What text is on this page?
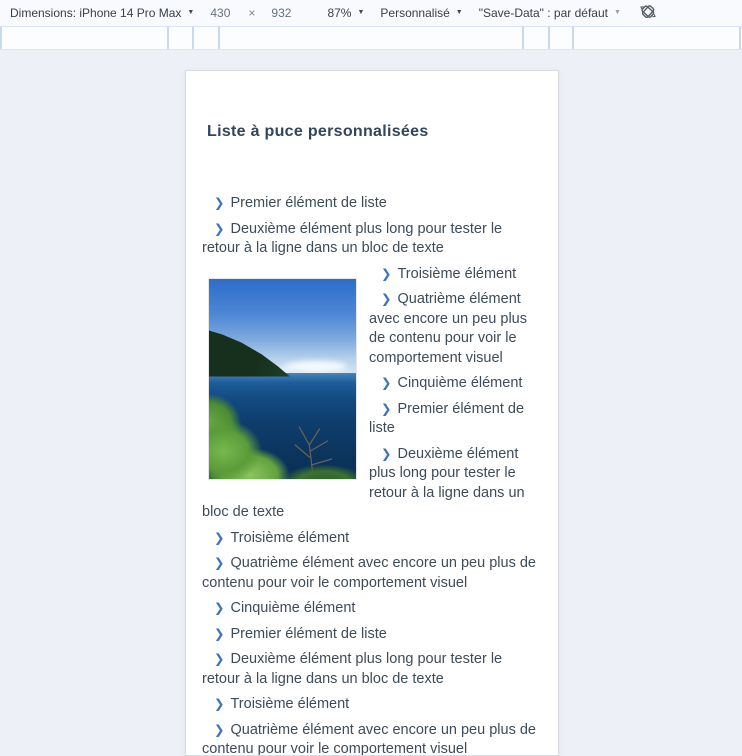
Dimensions: iPhone 14 Pro Max ▼ 430 × 932	87% ▼ Personnalisé ▼ "Save-Data" : par défaut ▼
Liste à puce personnalisées
❯ Premier élément de liste
❯ Deuxième élément plus long pour tester le retour à la ligne dans un bloc de texte
❯ Troisième élément
❯ Quatrième élément avec encore un peu plus de contenu pour voir le comportement visuel
❯ Cinquième élément
❯ Premier élément de liste
❯ Deuxième élément plus long pour tester le retour à la ligne dans un bloc de texte
❯ Troisième élément
❯ Quatrième élément avec encore un peu plus de contenu pour voir le comportement visuel
❯ Cinquième élément
❯ Premier élément de liste
❯ Deuxième élément plus long pour tester le retour à la ligne dans un bloc de texte
❯ Troisième élément
❯ Quatrième élément avec encore un peu plus de contenu pour voir le comportement visuel
